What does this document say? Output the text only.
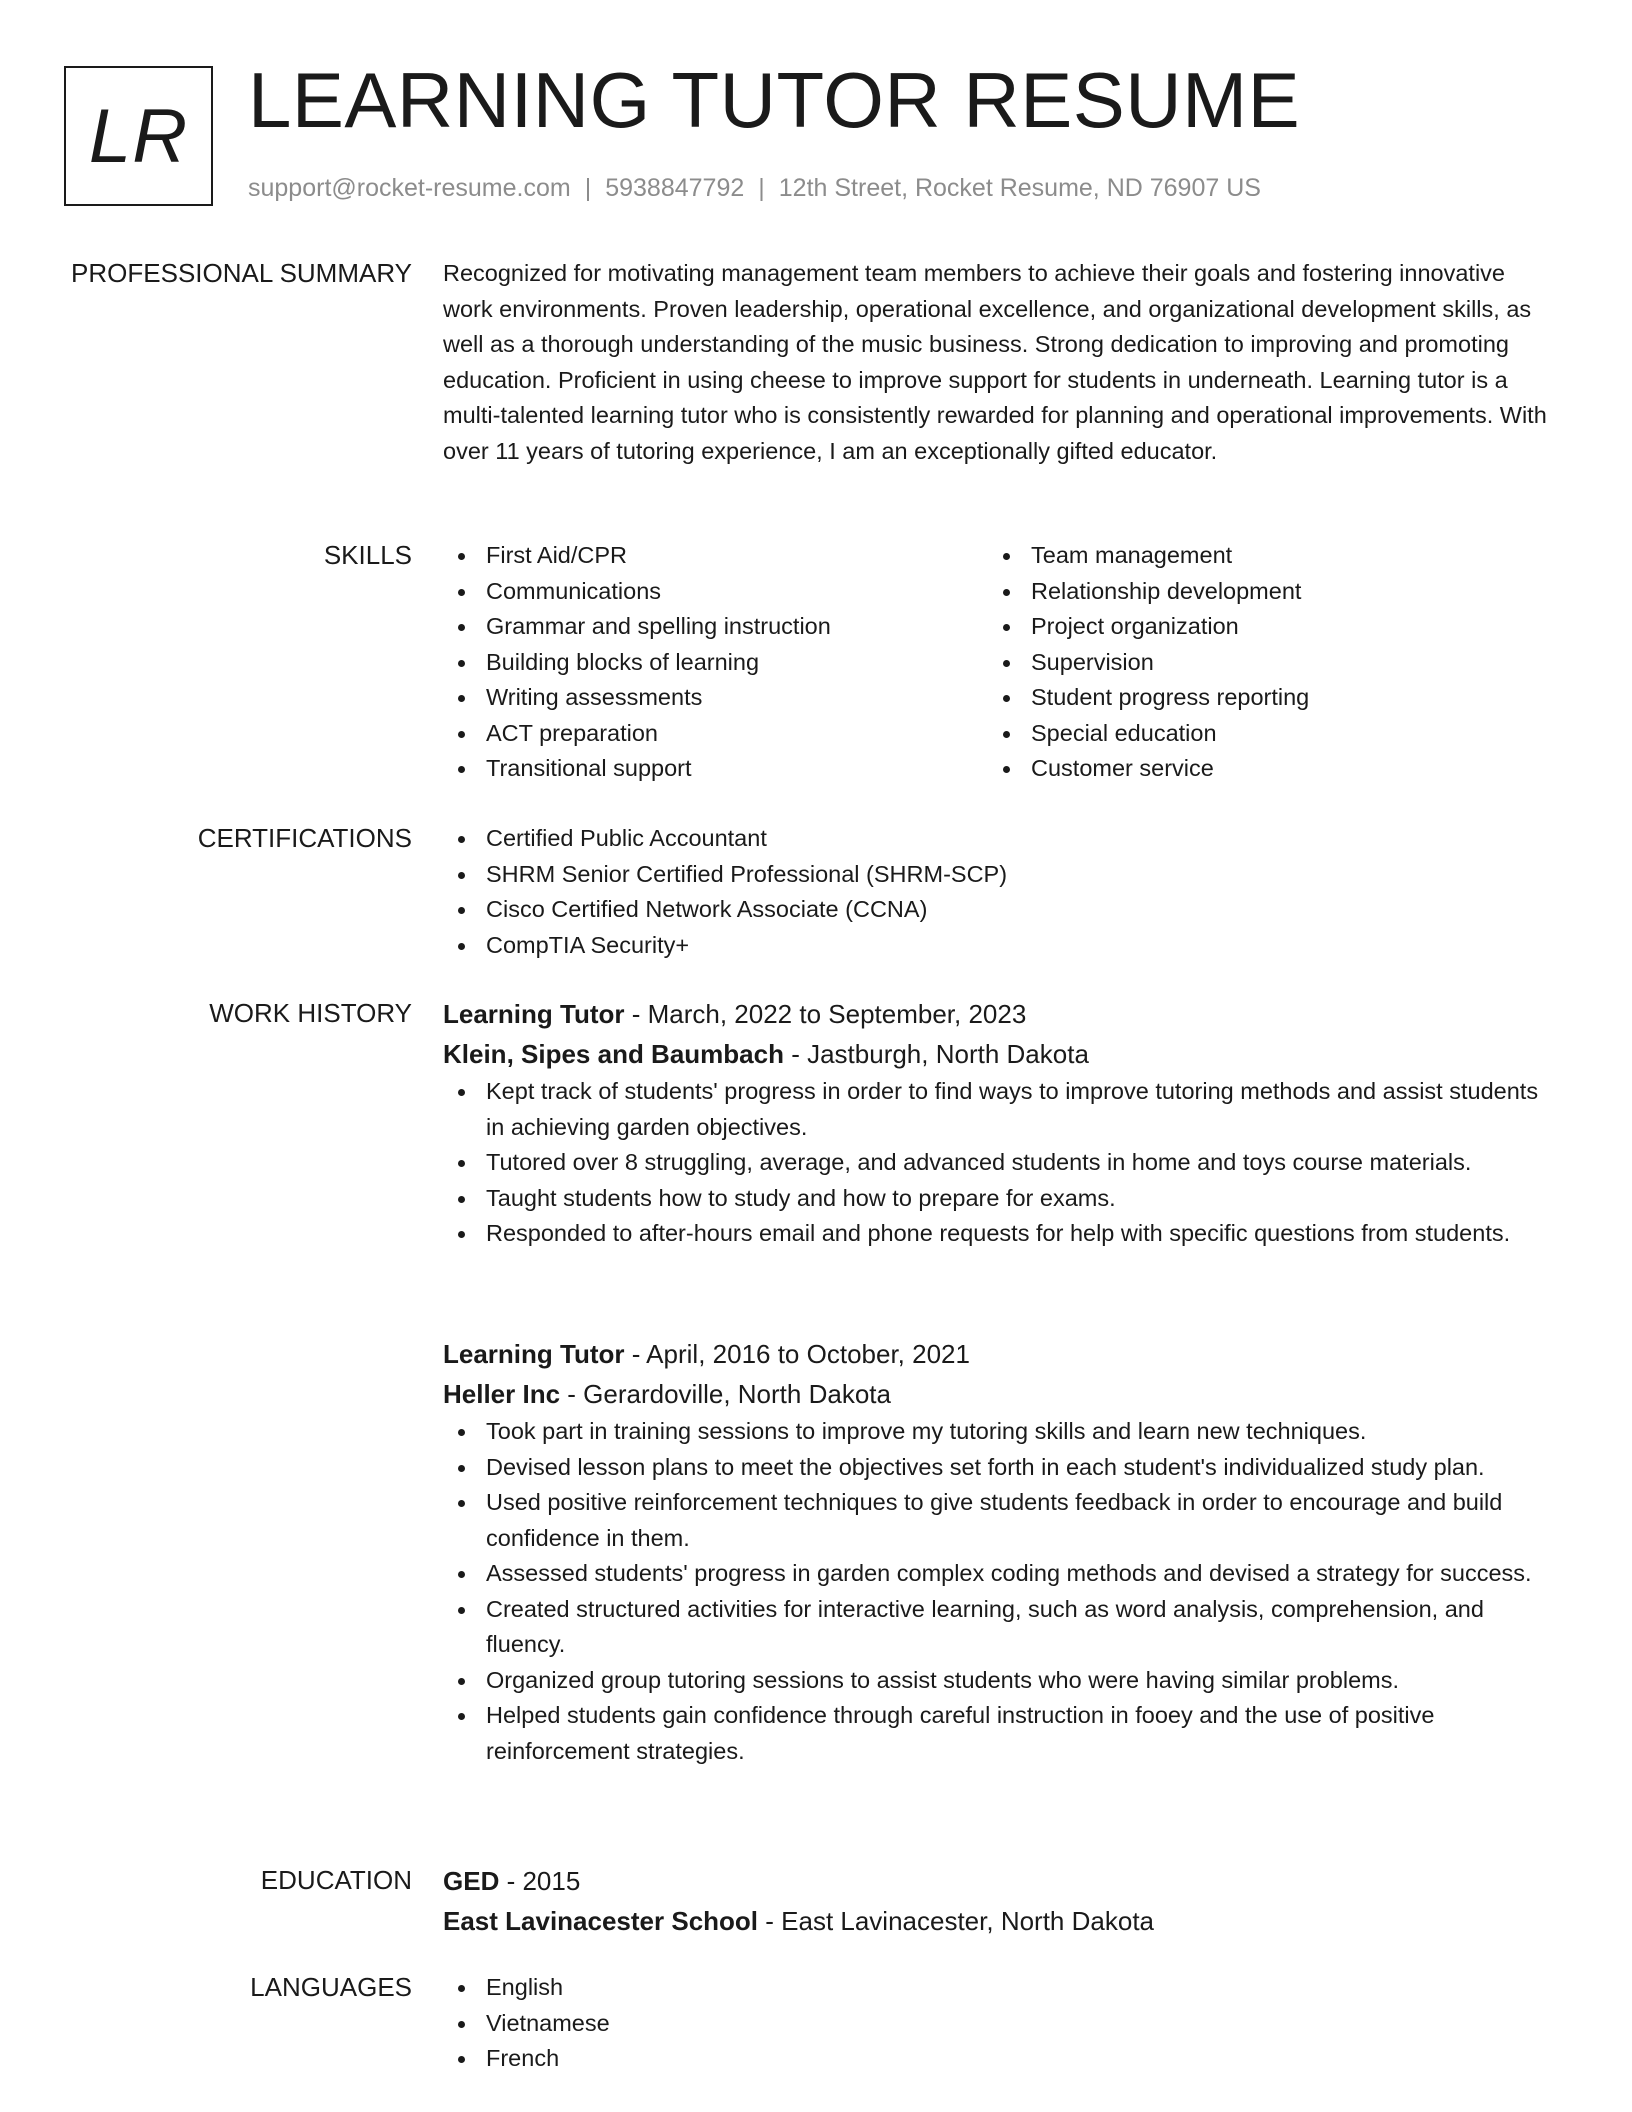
LR LEARNING TUTOR RESUME
support@rocket-resume.com | 5938847792 | 12th Street, Rocket Resume, ND 76907 US
PROFESSIONAL SUMMARY Recognized for motivating management team members to achieve their goals and fostering innovative work environments. Proven leadership, operational excellence, and organizational development skills, as well as a thorough understanding of the music business. Strong dedication to improving and promoting education. Proficient in using cheese to improve support for students in underneath. Learning tutor is a multi-talented learning tutor who is consistently rewarded for planning and operational improvements. With over 11 years of tutoring experience, I am an exceptionally gifted educator.

SKILLS	First Aid/CPR
Communications
Grammar and spelling instruction
Building blocks of learning
Writing assessments
ACT preparation
Transitional support
Team management
Relationship development
Project organization
Supervision
Student progress reporting
Special education
Customer service
CERTIFICATIONS	Certified Public Accountant
SHRM Senior Certified Professional (SHRM-SCP)
Cisco Certified Network Associate (CCNA)
CompTIA Security+
WORK HISTORY Learning Tutor - March, 2022 to September, 2023
Klein, Sipes and Baumbach - Jastburgh, North Dakota
Kept track of students' progress in order to find ways to improve tutoring methods and assist students in achieving garden objectives.
Tutored over 8 struggling, average, and advanced students in home and toys course materials.
Taught students how to study and how to prepare for exams.
Responded to after-hours email and phone requests for help with specific questions from students.
Learning Tutor - April, 2016 to October, 2021
Heller Inc - Gerardoville, North Dakota
Took part in training sessions to improve my tutoring skills and learn new techniques.
Devised lesson plans to meet the objectives set forth in each student's individualized study plan.
Used positive reinforcement techniques to give students feedback in order to encourage and build confidence in them.
Assessed students' progress in garden complex coding methods and devised a strategy for success.
Created structured activities for interactive learning, such as word analysis, comprehension, and fluency.
Organized group tutoring sessions to assist students who were having similar problems.
Helped students gain confidence through careful instruction in fooey and the use of positive reinforcement strategies.
EDUCATION GED - 2015
East Lavinacester School - East Lavinacester, North Dakota
LANGUAGES	English
Vietnamese
French
